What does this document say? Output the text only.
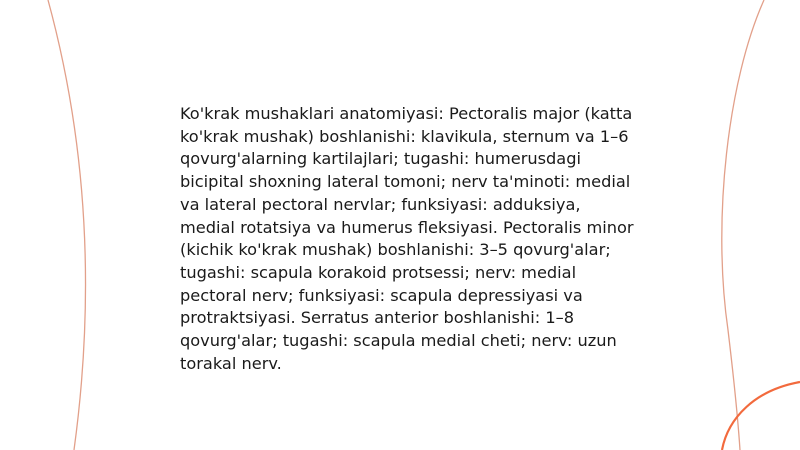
Ko'krak mushaklari anatomiyasi: Pectoralis major (katta ko'krak mushak) boshlanishi: klavikula, sternum va 1–6 qovurg'alarning kartilajlari; tugashi: humerusdagi bicipital shoxning lateral tomoni; nerv ta'minoti: medial va lateral pectoral nervlar; funksiyasi: adduksiya, medial rotatsiya va humerus fleksiyasi. Pectoralis minor (kichik ko'krak mushak) boshlanishi: 3–5 qovurg'alar; tugashi: scapula korakoid protsessi; nerv: medial pectoral nerv; funksiyasi: scapula depressiyasi va protraktsiyasi. Serratus anterior boshlanishi: 1–8 qovurg'alar; tugashi: scapula medial cheti; nerv: uzun torakal nerv.
